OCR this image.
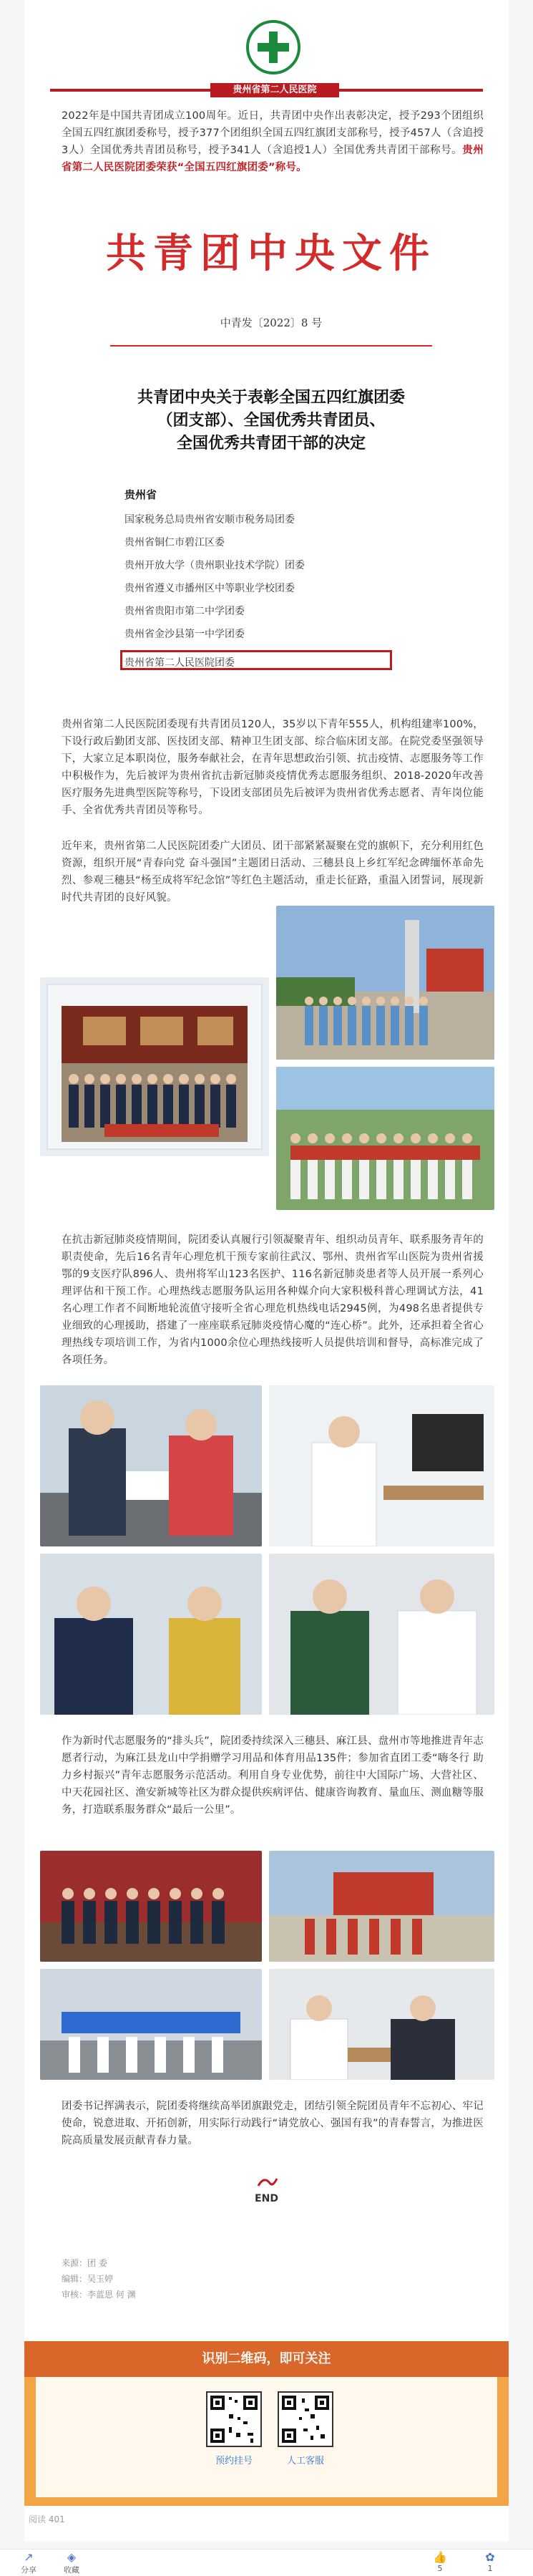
贵州省第二人民医院
2022年是中国共青团成立100周年。近日，共青团中央作出表彰决定，授予293个团组织全国五四红旗团委称号，授予377个团组织全国五四红旗团支部称号，授予457人（含追授3人）全国优秀共青团员称号，授予341人（含追授1人）全国优秀共青团干部称号。贵州省第二人民医院团委荣获“全国五四红旗团委”称号。
共青团中央文件
中青发〔2022〕8 号
共青团中央关于表彰全国五四红旗团委
（团支部）、全国优秀共青团员、
全国优秀共青团干部的决定
贵州省
国家税务总局贵州省安顺市税务局团委
贵州省铜仁市碧江区委
贵州开放大学（贵州职业技术学院）团委
贵州省遵义市播州区中等职业学校团委
贵州省贵阳市第二中学团委
贵州省金沙县第一中学团委
贵州省第二人民医院团委
贵州省第二人民医院团委现有共青团员120人，35岁以下青年555人，机构组建率100%，下设行政后勤团支部、医技团支部、精神卫生团支部、综合临床团支部。在院党委坚强领导下，大家立足本职岗位，服务奉献社会，在青年思想政治引领、抗击疫情、志愿服务等工作中积极作为，先后被评为贵州省抗击新冠肺炎疫情优秀志愿服务组织、2018-2020年改善医疗服务先进典型医院等称号，下设团支部团员先后被评为贵州省优秀志愿者、青年岗位能手、全省优秀共青团员等称号。
近年来，贵州省第二人民医院团委广大团员、团干部紧紧凝聚在党的旗帜下，充分利用红色资源，组织开展“青春向党 奋斗强国”主题团日活动、三穗县良上乡红军纪念碑缅怀革命先烈、参观三穗县“杨至成将军纪念馆”等红色主题活动，重走长征路，重温入团誓词，展现新时代共青团的良好风貌。
在抗击新冠肺炎疫情期间，院团委认真履行引领凝聚青年、组织动员青年、联系服务青年的职责使命，先后16名青年心理危机干预专家前往武汉、鄂州、贵州省军山医院为贵州省援鄂的9支医疗队896人、贵州将军山123名医护、116名新冠肺炎患者等人员开展一系列心理评估和干预工作。心理热线志愿服务队运用各种媒介向大家积极科普心理调试方法，41名心理工作者不间断地轮流值守接听全省心理危机热线电话2945例，为498名患者提供专业细致的心理援助，搭建了一座座联系冠肺炎疫情心魔的“连心桥”。此外，还承担着全省心理热线专项培训工作，为省内1000余位心理热线接听人员提供培训和督导，高标准完成了各项任务。
作为新时代志愿服务的“排头兵”，院团委持续深入三穗县、麻江县、盘州市等地推进青年志愿者行动，为麻江县龙山中学捐赠学习用品和体育用品135件；参加省直团工委“嗨冬行 助力乡村振兴”青年志愿服务示范活动。利用自身专业优势，前往中大国际广场、大营社区、中天花园社区、渔安新城等社区为群众提供疾病评估、健康咨询教育、量血压、测血糖等服务，打造联系服务群众“最后一公里”。
团委书记挥满表示，院团委将继续高举团旗跟党走，团结引领全院团员青年不忘初心、牢记使命，锐意进取、开拓创新，用实际行动践行“请党放心、强国有我”的青春誓言，为推进医院高质量发展贡献青春力量。
END
来源：团 委
编辑：吴玉婷
审核：李蓝思 何 渊
识别二维码，即可关注
预约挂号	人工客服
阅读 401
↗
分享
◈
收藏
👍
5
✿
1
